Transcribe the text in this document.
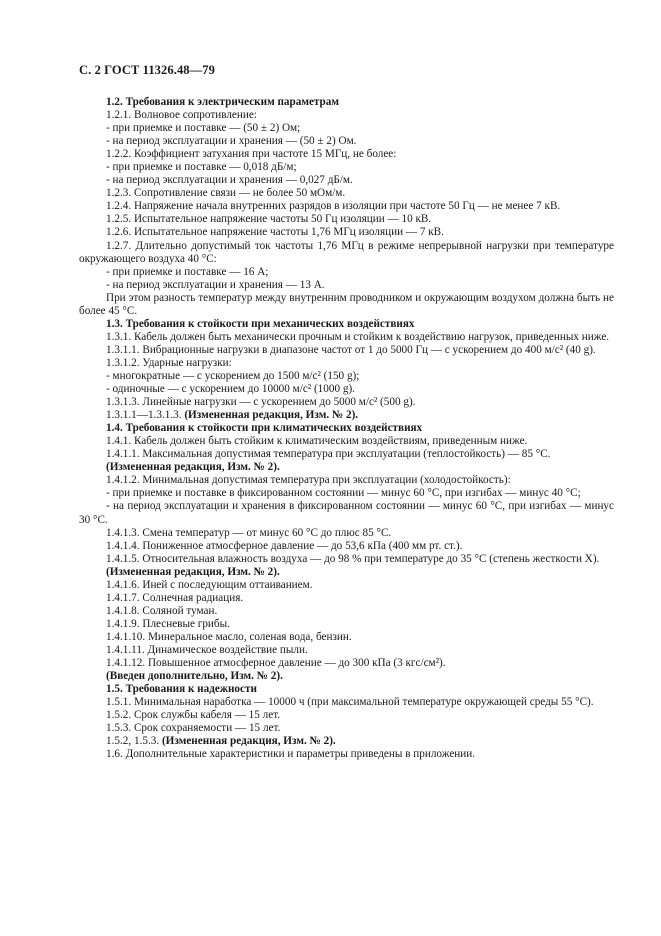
С. 2 ГОСТ 11326.48—79

1.2. Требования к электрическим параметрам

1.2.1. Волновое сопротивление:

- при приемке и поставке — (50 ± 2) Ом;

- на период эксплуатации и хранения — (50 ± 2) Ом.

1.2.2. Коэффициент затухания при частоте 15 МГц, не более:

- при приемке и поставке — 0,018 дБ/м;

- на период эксплуатации и хранения — 0,027 дБ/м.

1.2.3. Сопротивление связи — не более 50 мОм/м.

1.2.4. Напряжение начала внутренних разрядов в изоляции при частоте 50 Гц — не менее 7 кВ.

1.2.5. Испытательное напряжение частоты 50 Гц изоляции — 10 кВ.

1.2.6. Испытательное напряжение частоты 1,76 МГц изоляции — 7 кВ.

1.2.7. Длительно допустимый ток частоты 1,76 МГц в режиме непрерывной нагрузки при температуре окружающего воздуха 40 °С:

- при приемке и поставке — 16 А;

- на период эксплуатации и хранения — 13 А.

При этом разность температур между внутренним проводником и окружающим воздухом должна быть не более 45 °С.

1.3. Требования к стойкости при механических воздействиях

1.3.1. Кабель должен быть механически прочным и стойким к воздействию нагрузок, приведенных ниже.

1.3.1.1. Вибрационные нагрузки в диапазоне частот от 1 до 5000 Гц — с ускорением до 400 м/с² (40 g).

1.3.1.2. Ударные нагрузки:

- многократные — с ускорением до 1500 м/с² (150 g);

- одиночные — с ускорением до 10000 м/с² (1000 g).

1.3.1.3. Линейные нагрузки — с ускорением до 5000 м/с² (500 g).

1.3.1.1—1.3.1.3. (Измененная редакция, Изм. № 2).

1.4. Требования к стойкости при климатических воздействиях

1.4.1. Кабель должен быть стойким к климатическим воздействиям, приведенным ниже.

1.4.1.1. Максимальная допустимая температура при эксплуатации (теплостойкость) — 85 °С.

(Измененная редакция, Изм. № 2).

1.4.1.2. Минимальная допустимая температура при эксплуатации (холодостойкость):

- при приемке и поставке в фиксированном состоянии — минус 60 °С, при изгибах — минус 40 °С;

- на период эксплуатации и хранения в фиксированном состоянии — минус 60 °С, при изгибах — минус 30 °С.

1.4.1.3. Смена температур — от минус 60 °С до плюс 85 °С.

1.4.1.4. Пониженное атмосферное давление — до 53,6 кПа (400 мм рт. ст.).

1.4.1.5. Относительная влажность воздуха — до 98 % при температуре до 35 °С (степень жесткости X).

(Измененная редакция, Изм. № 2).

1.4.1.6. Иней с последующим оттаиванием.

1.4.1.7. Солнечная радиация.

1.4.1.8. Соляной туман.

1.4.1.9. Плесневые грибы.

1.4.1.10. Минеральное масло, соленая вода, бензин.

1.4.1.11. Динамическое воздействие пыли.

1.4.1.12. Повышенное атмосферное давление — до 300 кПа (3 кгс/см²).

(Введен дополнительно, Изм. № 2).

1.5. Требования к надежности

1.5.1. Минимальная наработка — 10000 ч (при максимальной температуре окружающей среды 55 °С).

1.5.2. Срок службы кабеля — 15 лет.

1.5.3. Срок сохраняемости — 15 лет.

1.5.2, 1.5.3. (Измененная редакция, Изм. № 2).

1.6. Дополнительные характеристики и параметры приведены в приложении.
